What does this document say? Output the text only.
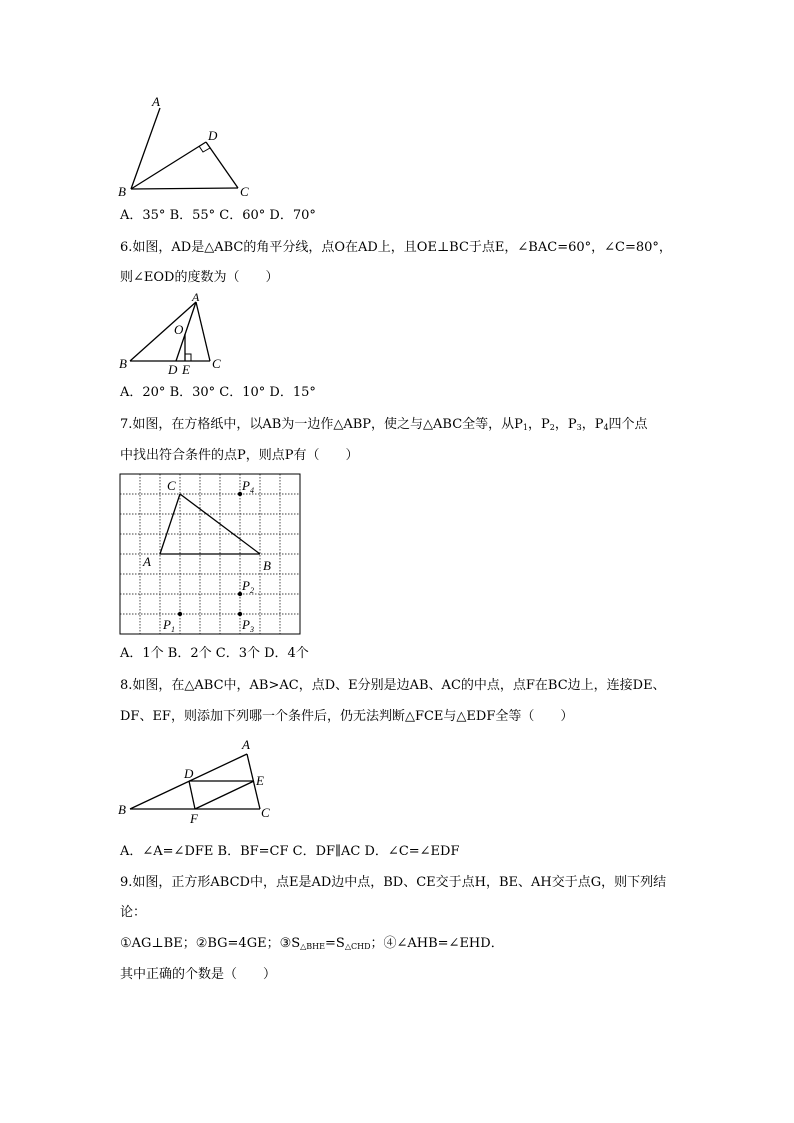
A
D
B	C
A．35° B．55° C．60° D．70°
6.如图，AD是△ABC的角平分线，点O在AD上，且OE⊥BC于点E，∠BAC=60°，∠C=80°，
则∠EOD的度数为（　　）
A
O
B	C
D E
A．20° B．30° C．10° D．15°
7.如图，在方格纸中，以AB为一边作△ABP，使之与△ABC全等，从$P_1$，$P_2$，$P_3$，$P_4$四个点
中找出符合条件的点P，则点P有（　　）
C
A	B
$P_4$
$P_2$
$P_1$	$P_3$
A．1个 B．2个 C．3个 D．4个
8.如图，在△ABC中，AB>AC，点D、E分别是边AB、AC的中点，点F在BC边上，连接DE、
DF、EF，则添加下列哪一个条件后，仍无法判断△FCE与△EDF全等（　　）
A
D	E
B	C
F
A．∠A=∠DFE B．BF=CF C．DF∥AC D．∠C=∠EDF
9.如图，正方形ABCD中，点E是AD边中点，BD、CE交于点H，BE、AH交于点G，则下列结
论：
①AG⊥BE；②BG=4GE；$③S_{\triangle BHE}=S_{\triangle CHD}$；④∠AHB=∠EHD．
其中正确的个数是（　　）
